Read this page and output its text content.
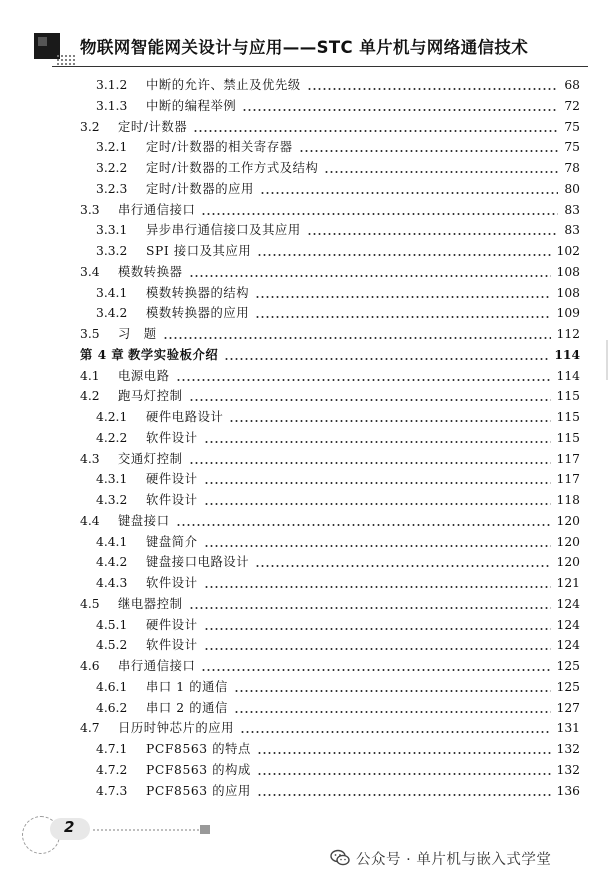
物联网智能网关设计与应用——STC 单片机与网络通信技术
3.1.2 中断的允许、禁止及优先级	68
3.1.3 中断的编程举例	72
3.2 定时/计数器	75
3.2.1 定时/计数器的相关寄存器	75
3.2.2 定时/计数器的工作方式及结构	78
3.2.3 定时/计数器的应用	80
3.3 串行通信接口	83
3.3.1 异步串行通信接口及其应用	83
3.3.2 SPI 接口及其应用	102
3.4 模数转换器	108
3.4.1 模数转换器的结构	108
3.4.2 模数转换器的应用	109
3.5 习　题	112
第 4 章 教学实验板介绍	114
4.1 电源电路	114
4.2 跑马灯控制	115
4.2.1 硬件电路设计	115
4.2.2 软件设计	115
4.3 交通灯控制	117
4.3.1 硬件设计	117
4.3.2 软件设计	118
4.4 键盘接口	120
4.4.1 键盘简介	120
4.4.2 键盘接口电路设计	120
4.4.3 软件设计	121
4.5 继电器控制	124
4.5.1 硬件设计	124
4.5.2 软件设计	124
4.6 串行通信接口	125
4.6.1 串口 1 的通信	125
4.6.2 串口 2 的通信	127
4.7 日历时钟芯片的应用	131
4.7.1 PCF8563 的特点	132
4.7.2 PCF8563 的构成	132
4.7.3 PCF8563 的应用	136
2
公众号 · 单片机与嵌入式学堂
